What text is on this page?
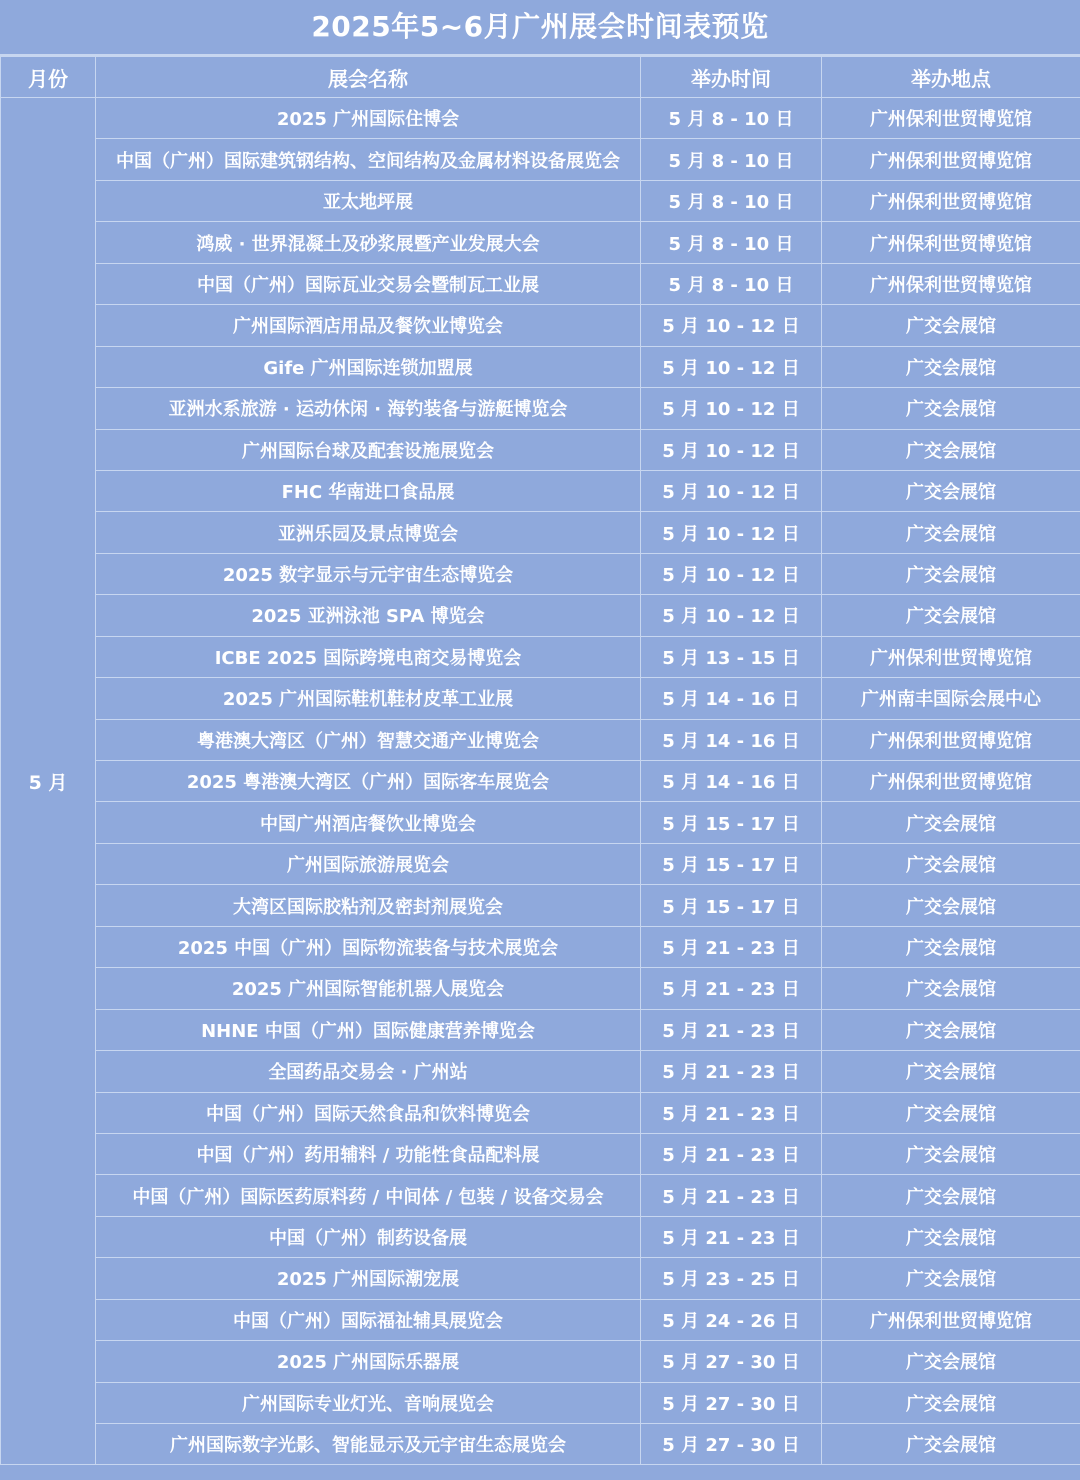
2025年5~6月广州展会时间表预览
月份	展会名称	举办时间	举办地点
5 月	2025 广州国际住博会	5 月 8 - 10 日	广州保利世贸博览馆
	中国（广州）国际建筑钢结构、空间结构及金属材料设备展览会	5 月 8 - 10 日	广州保利世贸博览馆
	亚太地坪展	5 月 8 - 10 日	广州保利世贸博览馆
	鸿威 · 世界混凝土及砂浆展暨产业发展大会	5 月 8 - 10 日	广州保利世贸博览馆
	中国（广州）国际瓦业交易会暨制瓦工业展	5 月 8 - 10 日	广州保利世贸博览馆
	广州国际酒店用品及餐饮业博览会	5 月 10 - 12 日	广交会展馆
	Gife 广州国际连锁加盟展	5 月 10 - 12 日	广交会展馆
	亚洲水系旅游 · 运动休闲 · 海钓装备与游艇博览会	5 月 10 - 12 日	广交会展馆
	广州国际台球及配套设施展览会	5 月 10 - 12 日	广交会展馆
	FHC 华南进口食品展	5 月 10 - 12 日	广交会展馆
	亚洲乐园及景点博览会	5 月 10 - 12 日	广交会展馆
	2025 数字显示与元宇宙生态博览会	5 月 10 - 12 日	广交会展馆
	2025 亚洲泳池 SPA 博览会	5 月 10 - 12 日	广交会展馆
	ICBE 2025 国际跨境电商交易博览会	5 月 13 - 15 日	广州保利世贸博览馆
	2025 广州国际鞋机鞋材皮革工业展	5 月 14 - 16 日	广州南丰国际会展中心
	粤港澳大湾区（广州）智慧交通产业博览会	5 月 14 - 16 日	广州保利世贸博览馆
	2025 粤港澳大湾区（广州）国际客车展览会	5 月 14 - 16 日	广州保利世贸博览馆
	中国广州酒店餐饮业博览会	5 月 15 - 17 日	广交会展馆
	广州国际旅游展览会	5 月 15 - 17 日	广交会展馆
	大湾区国际胶粘剂及密封剂展览会	5 月 15 - 17 日	广交会展馆
	2025 中国（广州）国际物流装备与技术展览会	5 月 21 - 23 日	广交会展馆
	2025 广州国际智能机器人展览会	5 月 21 - 23 日	广交会展馆
	NHNE 中国（广州）国际健康营养博览会	5 月 21 - 23 日	广交会展馆
	全国药品交易会 · 广州站	5 月 21 - 23 日	广交会展馆
	中国（广州）国际天然食品和饮料博览会	5 月 21 - 23 日	广交会展馆
	中国（广州）药用辅料 / 功能性食品配料展	5 月 21 - 23 日	广交会展馆
	中国（广州）国际医药原料药 / 中间体 / 包装 / 设备交易会	5 月 21 - 23 日	广交会展馆
	中国（广州）制药设备展	5 月 21 - 23 日	广交会展馆
	2025 广州国际潮宠展	5 月 23 - 25 日	广交会展馆
	中国（广州）国际福祉辅具展览会	5 月 24 - 26 日	广州保利世贸博览馆
	2025 广州国际乐器展	5 月 27 - 30 日	广交会展馆
	广州国际专业灯光、音响展览会	5 月 27 - 30 日	广交会展馆
	广州国际数字光影、智能显示及元宇宙生态展览会	5 月 27 - 30 日	广交会展馆
